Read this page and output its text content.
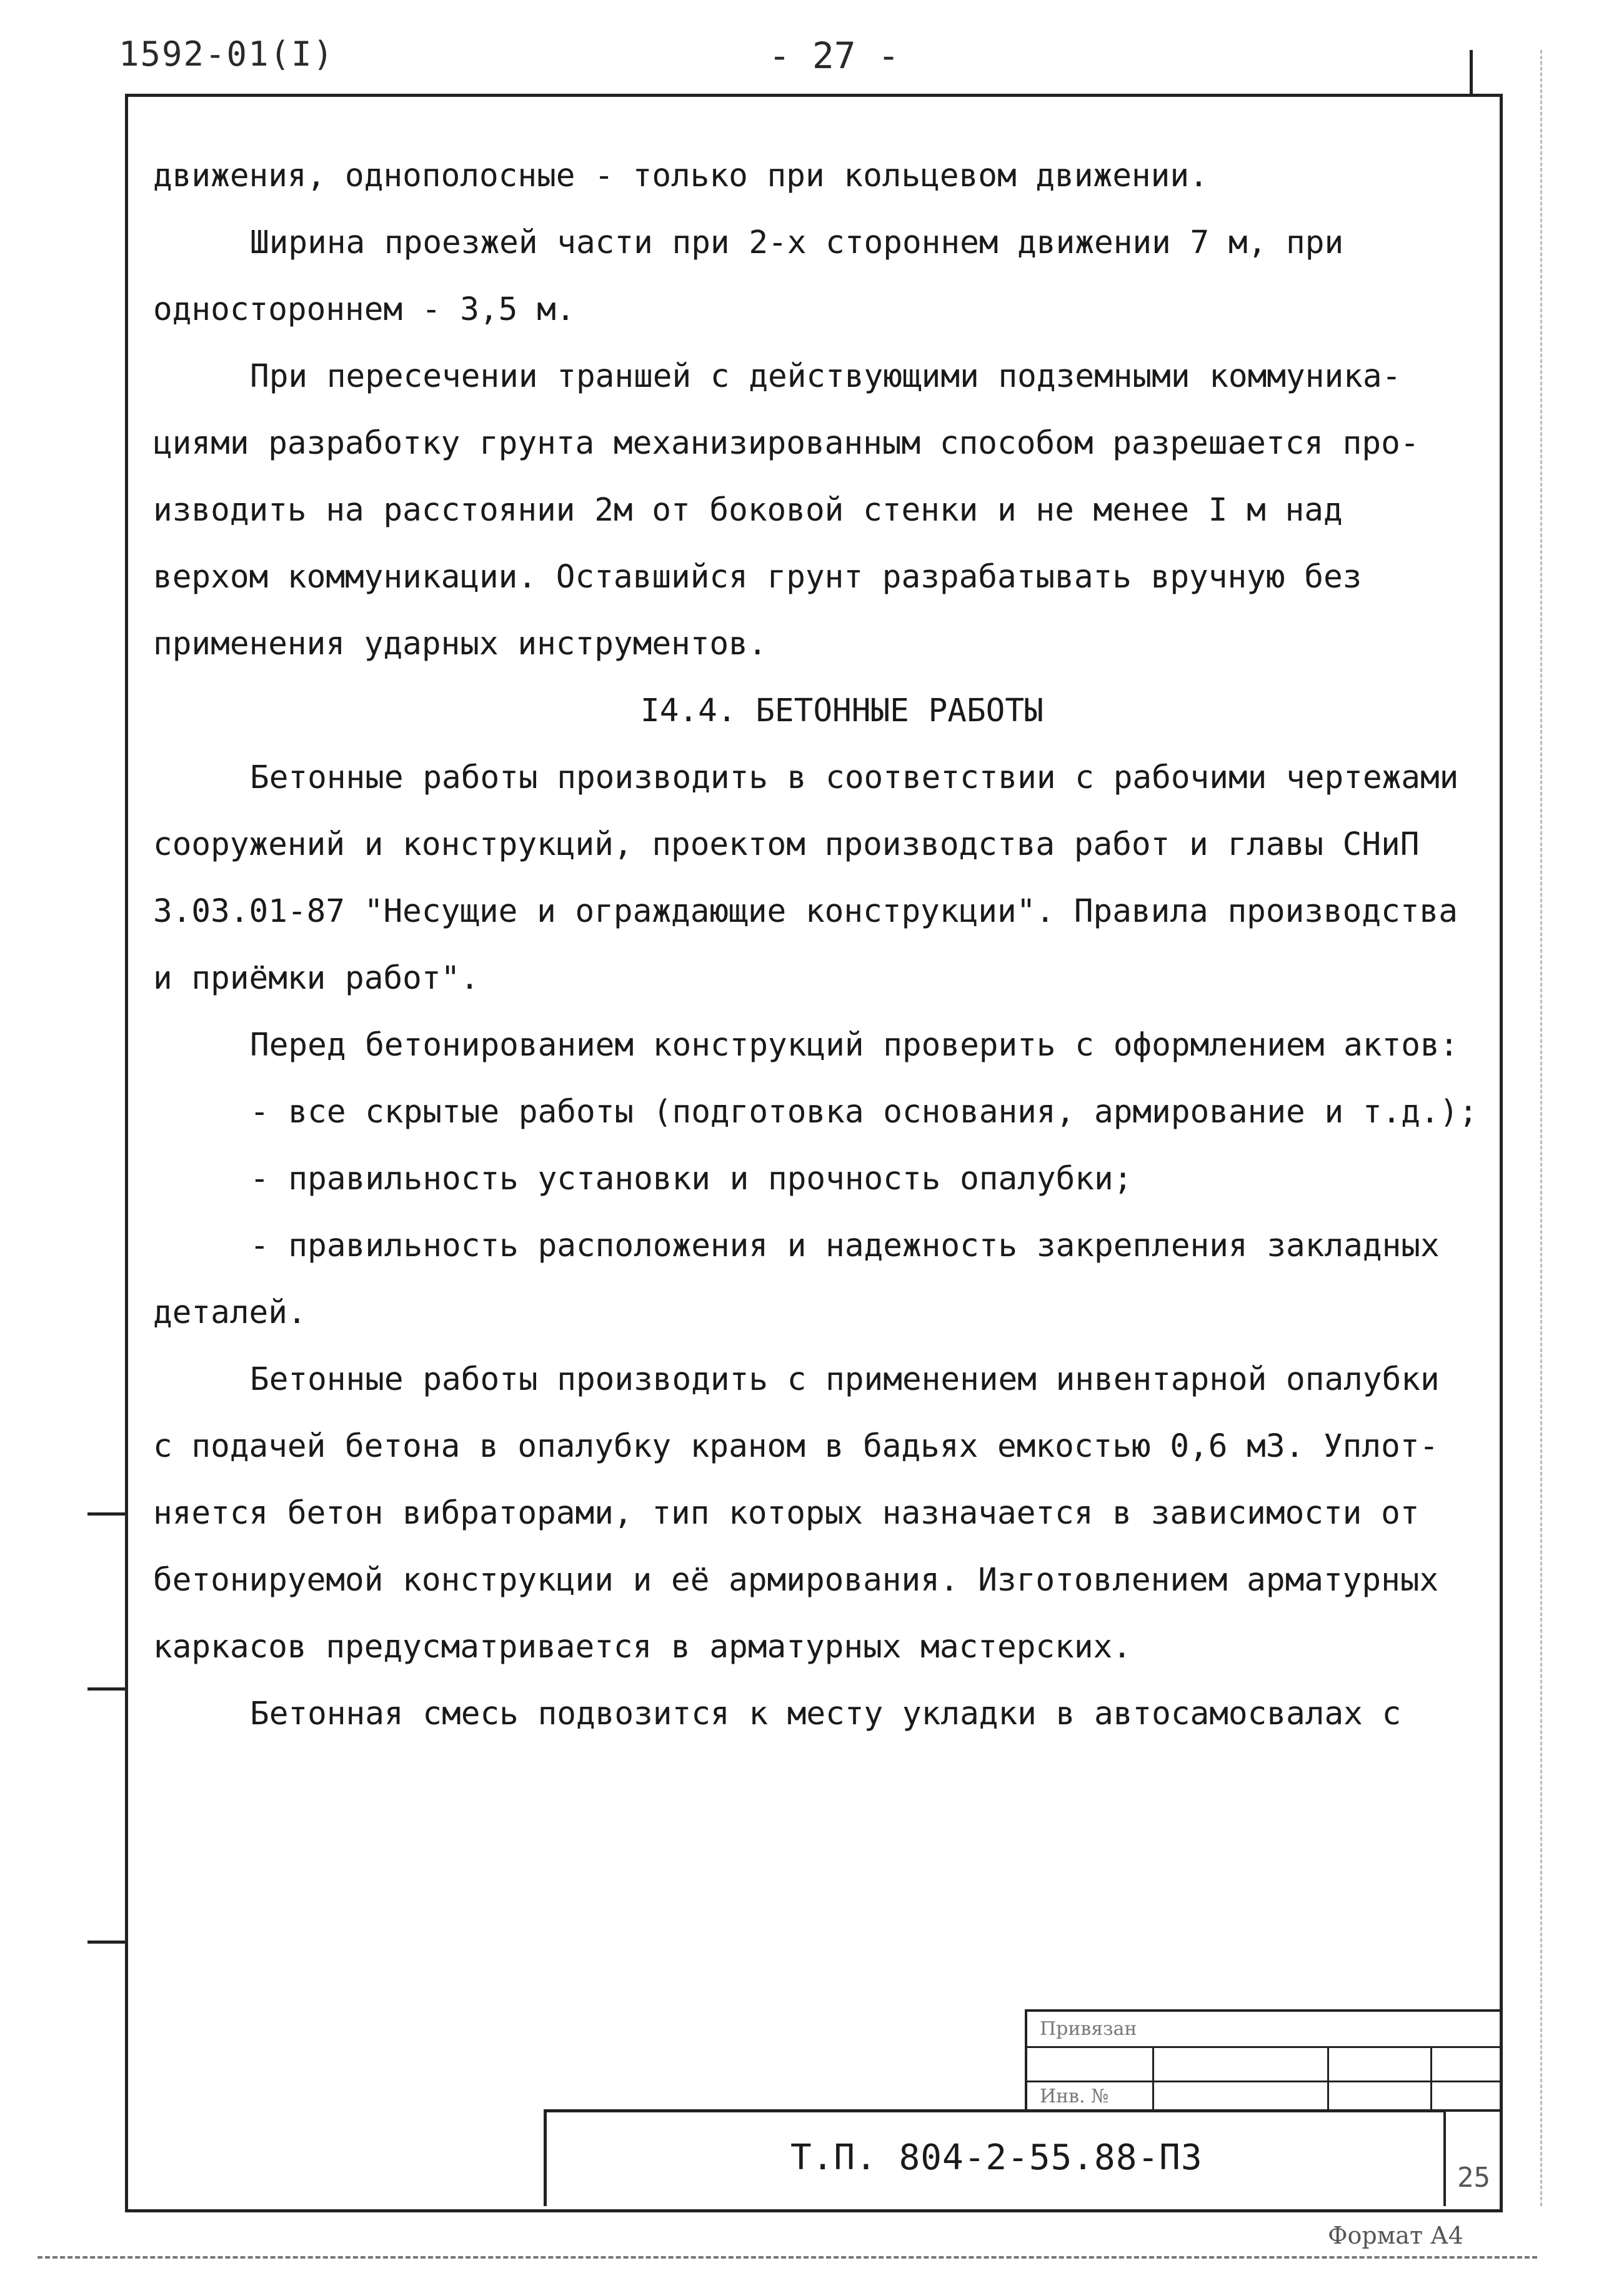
1592-01(I)	- 27 -
движения, однополосные - только при кольцевом движении.
Ширина проезжей части при 2-х стороннем движении 7 м, при
одностороннем - 3,5 м.
При пересечении траншей с действующими подземными коммуника-
циями разработку грунта механизированным способом разрешается про-
изводить на расстоянии 2м от боковой стенки и не менее I м над
верхом коммуникации. Оставшийся грунт разрабатывать вручную без
применения ударных инструментов.
I4.4. БЕТОННЫЕ РАБОТЫ
Бетонные работы производить в соответствии с рабочими чертежами
сооружений и конструкций, проектом производства работ и главы СНиП
3.03.01-87 "Несущие и ограждающие конструкции". Правила производства
и приёмки работ".
Перед бетонированием конструкций проверить с оформлением актов:
- все скрытые работы (подготовка основания, армирование и т.д.);
- правильность установки и прочность опалубки;
- правильность расположения и надежность закрепления закладных
деталей.
Бетонные работы производить с применением инвентарной опалубки
с подачей бетона в опалубку краном в бадьях емкостью 0,6 м3. Уплот-
няется бетон вибраторами, тип которых назначается в зависимости от
бетонируемой конструкции и её армирования. Изготовлением арматурных
каркасов предусматривается в арматурных мастерских.
Бетонная смесь подвозится к месту укладки в автосамосвалах с
Привязан
Инв. №
Т.П. 804-2-55.88-ПЗ	25
Формат А4
